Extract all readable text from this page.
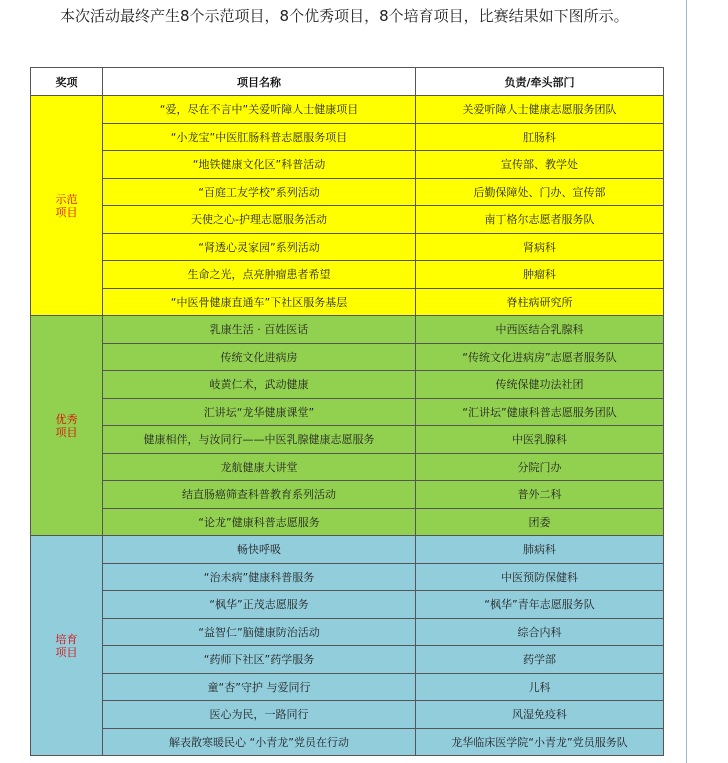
本次活动最终产生8个示范项目，8个优秀项目，8个培育项目，比赛结果如下图所示。

奖项	项目名称	负责/牵头部门

示范
项目	“爱，尽在不言中”关爱听障人士健康项目	关爱听障人士健康志愿服务团队
	“小龙宝”中医肛肠科普志愿服务项目	肛肠科
	“地铁健康文化区”科普活动	宣传部、教学处
	“百庭工友学校”系列活动	后勤保障处、门办、宣传部
	天使之心-护理志愿服务活动	南丁格尔志愿者服务队
	“肾透心灵家园”系列活动	肾病科
	生命之光，点亮肿瘤患者希望	肿瘤科
	“中医骨健康直通车”下社区服务基层	脊柱病研究所

优秀
项目	乳康生活 · 百姓医话	中西医结合乳腺科
	传统文化进病房	“传统文化进病房”志愿者服务队
	岐黄仁术，武动健康	传统保健功法社团
	汇讲坛“龙华健康课堂”	“汇讲坛”健康科普志愿服务团队
	健康相伴，与汝同行——中医乳腺健康志愿服务	中医乳腺科
	龙航健康大讲堂	分院门办
	结直肠癌筛查科普教育系列活动	普外二科
	“论龙”健康科普志愿服务	团委

培育
项目	畅快呼吸	肺病科
	“治未病”健康科普服务	中医预防保健科
	“枫华”正茂志愿服务	“枫华”青年志愿服务队
	“益智仁”脑健康防治活动	综合内科
	“药师下社区”药学服务	药学部
	童“杏”守护 与爱同行	儿科
	医心为民，一路同行	风湿免疫科
	解表散寒暖民心 “小青龙”党员在行动	龙华临床医学院“小青龙”党员服务队
